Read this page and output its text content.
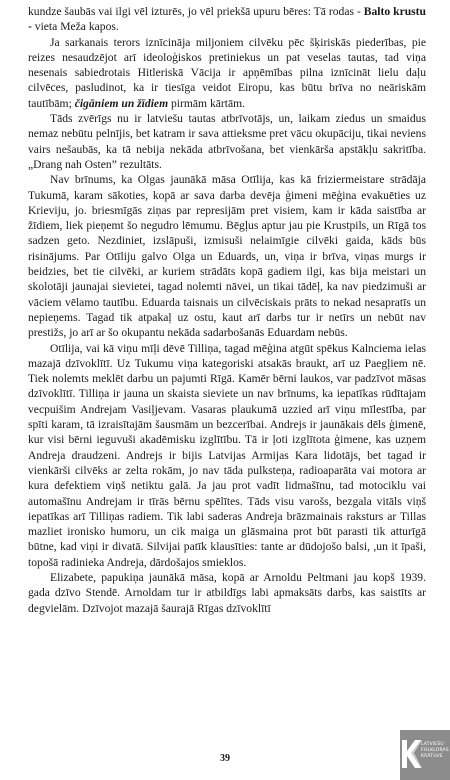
kundze šaubās vai ilgi vēl izturēs, jo vēl priekšā upuru bēres: Tā rodas - Balto krustu - vieta Meža kapos.

Ja sarkanais terors iznīcināja miljoniem cilvēku pēc šķiriskās piederības, pie reizes nesaudzējot arī ideoloģiskos pretiniekus un pat veselas tautas, tad viņa nesenais sabiedrotais Hitleriskā Vācija ir apņēmības pilna iznīcināt lielu daļu cilvēces, pasludinot, ka ir tiesīga veidot Eiropu, kas būtu brīva no neāriskām tautībām; čigāniem un žīdiem pirmām kārtām.

Tāds zvērīgs nu ir latviešu tautas atbrīvotājs, un, laikam ziedus un smaidus nemaz nebūtu pelnījis, bet katram ir sava attieksme pret vācu okupāciju, tikai neviens vairs nešaubās, ka tā nebija nekāda atbrīvošana, bet vienkārša apstākļu sakritība. „Drang nah Osten” rezultāts.

Nav brīnums, ka Olgas jaunākā māsa Otīlija, kas kā friziermeistare strādāja Tukumā, karam sākoties, kopā ar sava darba devēja ģimeni mēģina evakuēties uz Krieviju, jo. briesmīgās ziņas par represijām pret visiem, kam ir kāda saistība ar žīdiem, liek pieņemt šo negudro lēmumu. Bēgļus aptur jau pie Krustpils, un Rīgā tos sadzen geto. Nezdiniet, izslāpuši, izmisuši nelaimīgie cilvēki gaida, kāds būs risinājums. Par Otīliju galvo Olga un Eduards, un, viņa ir brīva, viņas murgs ir beidzies, bet tie cilvēki, ar kuriem strādāts kopā gadiem ilgi, kas bija meistari un skolotāji jaunajai sievietei, tagad nolemti nāvei, un tikai tādēļ, ka nav piedzimuši ar vāciem vēlamo tautību. Eduarda taisnais un cilvēciskais prāts to nekad nesapratīs un nepieņems. Tagad tik atpakaļ uz ostu, kaut arī darbs tur ir netīrs un nebūt nav prestižs, jo arī ar šo okupantu nekāda sadarbošanās Eduardam nebūs.

Otīlija, vai kā viņu mīļi dēvē Tilliņa, tagad mēģina atgūt spēkus Kalnciema ielas mazajā dzīvoklītī. Uz Tukumu viņa kategoriski atsakās braukt, arī uz Paegļiem nē. Tiek nolemts meklēt darbu un pajumti Rīgā. Kamēr bērni laukos, var padzīvot māsas dzīvoklītī. Tilliņa ir jauna un skaista sieviete un nav brīnums, ka iepatīkas rūdītajam vecpuišim Andrejam Vasiļjevam. Vasaras plaukumā uzzied arī viņu mīlestība, par spīti karam, tā izraisītajām šausmām un bezcerībai. Andrejs ir jaunākais dēls ģimenē, kur visi bērni ieguvuši akadēmisku izglītību. Tā ir ļoti izglītota ģimene, kas uzņem Andreja draudzeni. Andrejs ir bijis Latvijas Armijas Kara lidotājs, bet tagad ir vienkārši cilvēks ar zelta rokām, jo nav tāda pulksteņa, radioaparāta vai motora ar kura defektiem viņš netiktu galā. Ja jau prot vadīt lidmašīnu, tad motociklu vai automašīnu Andrejam ir tīrās bērnu spēlītes. Tāds visu varošs, bezgala vitāls viņš iepatīkas arī Tilliņas radiem. Tik labi saderas Andreja brāzmainais raksturs ar Tillas mazliet ironisko humoru, un cik maiga un glāsmaina prot būt parasti tik atturīgā būtne, kad viņi ir divatā. Silvijai patīk klausīties: tante ar dūdojošo balsi, ,un it īpaši, topošā radinieka Andreja, dārdošajos smieklos.

Elizabete, papukiņa jaunākā māsa, kopā ar Arnoldu Peltmani jau kopš 1939. gada dzīvo Stendē. Arnoldam tur ir atbildīgs labi apmaksāts darbs, kas saistīts ar degvielām. Dzīvojot mazajā šaurajā Rīgas dzīvoklītī

39
LATVIEŠU
FOLKLORAS
KRĀTUVE
